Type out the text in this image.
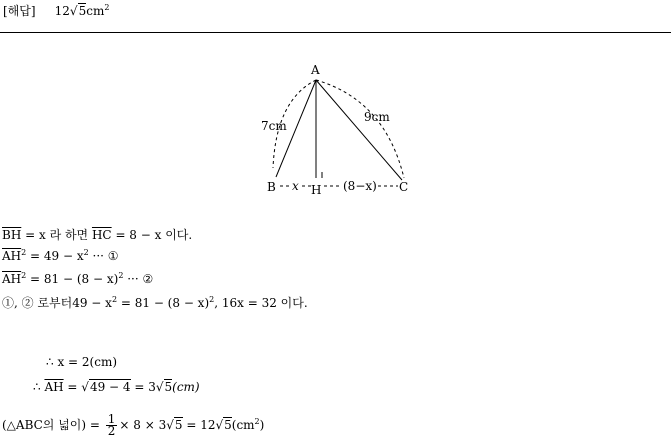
[해답] $12√5cm^2$
A
B	C
H
7cm
9cm
x	(8−x)
$\overline{BH} = x$ 라 하면 $\overline{HC} = 8 - x$ 이다.
$\overline{AH}^2 = 49 - x^2$ ··· ①
$\overline{AH}^2 = 81 - (8 - x)^2$ ··· ②
①, ② 로부터$49 - x^2 = 81 - (8 - x)^2$, 16x = 32 이다.
∴ x = 2(cm)
∴ $\overline{AH} = √49 - 4 = 3√5(cm)$
(△ABC의 넓이) = $\frac{1}{2} \times 8 \times 3√5 = 12√5(cm^2)$
